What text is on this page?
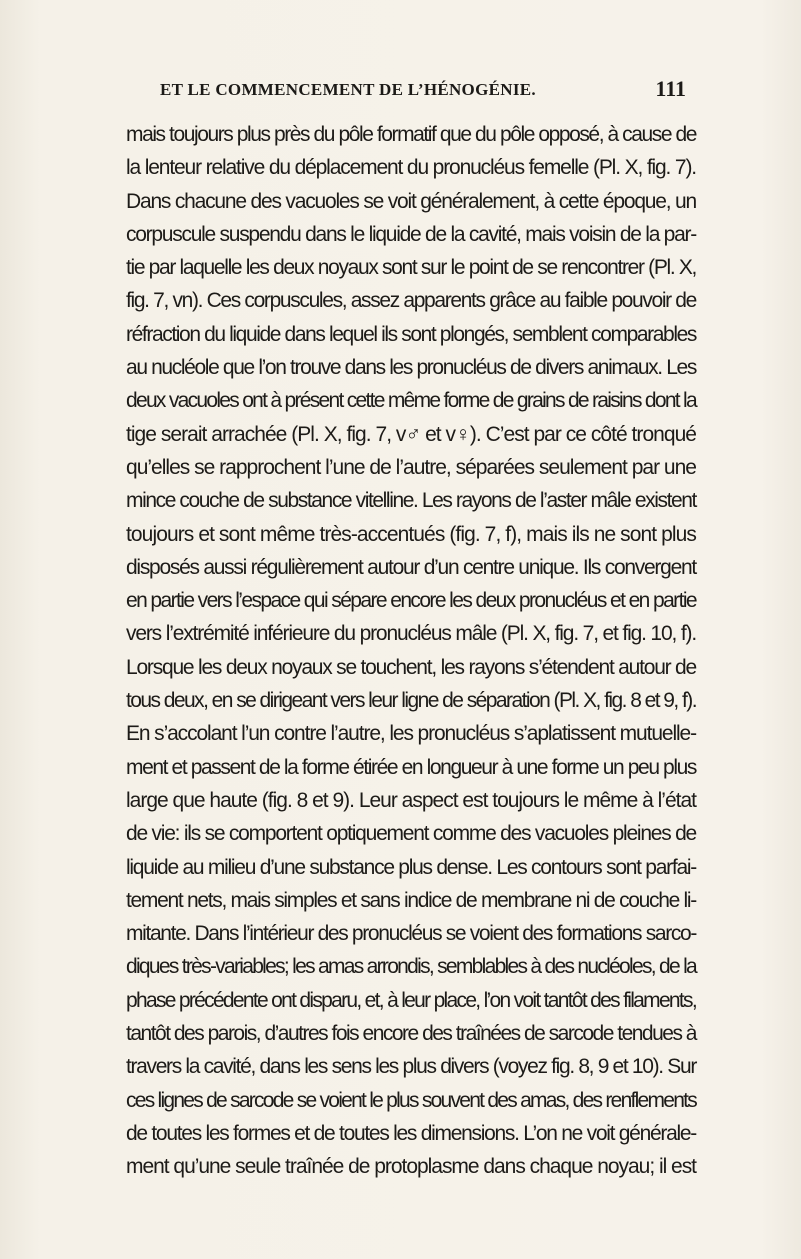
ET LE COMMENCEMENT DE L’HÉNOGÉNIE.	111
mais toujours plus près du pôle formatif que du pôle opposé, à cause de
la lenteur relative du déplacement du pronucléus femelle (Pl. X, fig. 7).
Dans chacune des vacuoles se voit généralement, à cette époque, un
corpuscule suspendu dans le liquide de la cavité, mais voisin de la par-
tie par laquelle les deux noyaux sont sur le point de se rencontrer (Pl. X,
fig. 7, vn). Ces corpuscules, assez apparents grâce au faible pouvoir de
réfraction du liquide dans lequel ils sont plongés, semblent comparables
au nucléole que l’on trouve dans les pronucléus de divers animaux. Les
deux vacuoles ont à présent cette même forme de grains de raisins dont la
tige serait arrachée (Pl. X, fig. 7, v♂ et v♀). C’est par ce côté tronqué
qu’elles se rapprochent l’une de l’autre, séparées seulement par une
mince couche de substance vitelline. Les rayons de l’aster mâle existent
toujours et sont même très-accentués (fig. 7, f), mais ils ne sont plus
disposés aussi régulièrement autour d’un centre unique. Ils convergent
en partie vers l’espace qui sépare encore les deux pronucléus et en partie
vers l’extrémité inférieure du pronucléus mâle (Pl. X, fig. 7, et fig. 10, f).
Lorsque les deux noyaux se touchent, les rayons s’étendent autour de
tous deux, en se dirigeant vers leur ligne de séparation (Pl. X, fig. 8 et 9, f).
En s’accolant l’un contre l’autre, les pronucléus s’aplatissent mutuelle-
ment et passent de la forme étirée en longueur à une forme un peu plus
large que haute (fig. 8 et 9). Leur aspect est toujours le même à l’état
de vie: ils se comportent optiquement comme des vacuoles pleines de
liquide au milieu d’une substance plus dense. Les contours sont parfai-
tement nets, mais simples et sans indice de membrane ni de couche li-
mitante. Dans l’intérieur des pronucléus se voient des formations sarco-
diques très-variables; les amas arrondis, semblables à des nucléoles, de la
phase précédente ont disparu, et, à leur place, l’on voit tantôt des filaments,
tantôt des parois, d’autres fois encore des traînées de sarcode tendues à
travers la cavité, dans les sens les plus divers (voyez fig. 8, 9 et 10). Sur
ces lignes de sarcode se voient le plus souvent des amas, des renflements
de toutes les formes et de toutes les dimensions. L’on ne voit générale-
ment qu’une seule traînée de protoplasme dans chaque noyau; il est
